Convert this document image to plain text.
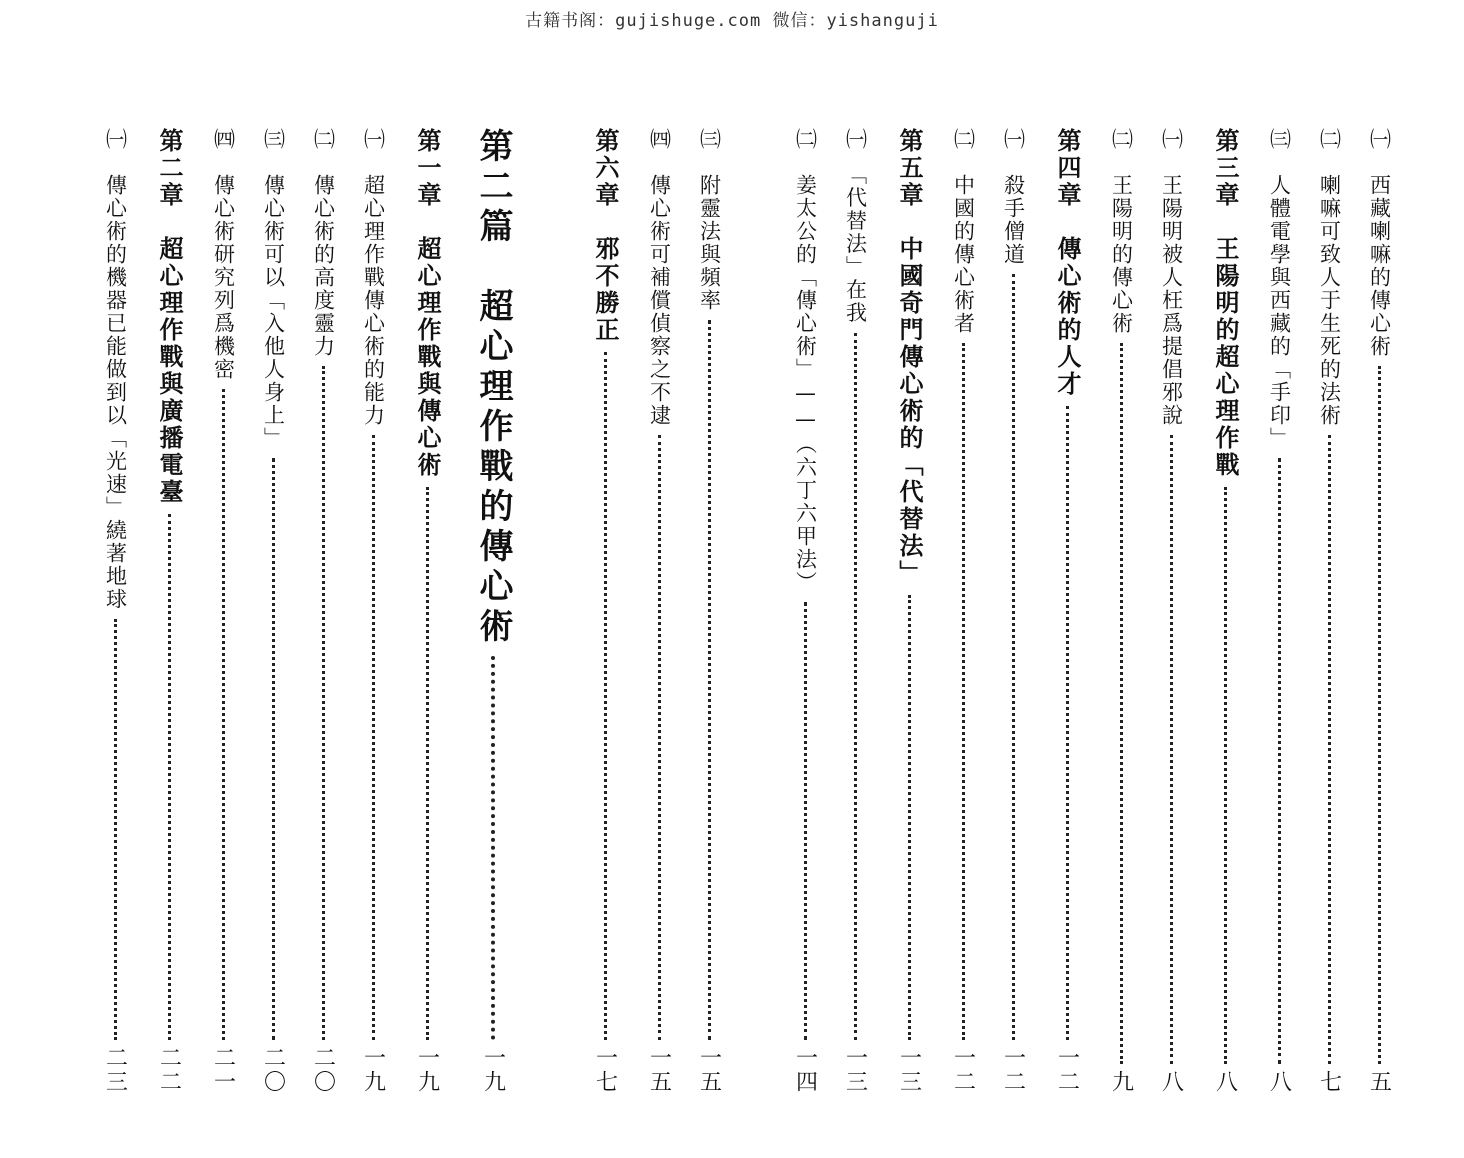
古籍书阁：gujishuge.com 微信：yishanguji
㈠　西藏喇嘛的傳心術
五
㈡　喇嘛可致人于生死的法術
七
㈢　人體電學與西藏的「手印」
八
第三章　王陽明的超心理作戰
八
㈠　王陽明被人枉爲提倡邪說
八
㈡　王陽明的傳心術
九
第四章　傳心術的人才
一二
㈠　殺手僧道
一二
㈡　中國的傳心術者
一二
第五章　中國奇門傳心術的「代替法」
一三
㈠　「代替法」在我
一三
㈡　姜太公的「傳心術」——（六丁六甲法）
一四
㈢　附靈法與頻率
一五
㈣　傳心術可補償偵察之不逮
一五
第六章　邪不勝正
一七
第二篇　超心理作戰的傳心術
一九
第一章　超心理作戰與傳心術
一九
㈠　超心理作戰傳心術的能力
一九
㈡　傳心術的高度靈力
二〇
㈢　傳心術可以「入他人身上」
二〇
㈣　傳心術研究列爲機密
二一
第二章　超心理作戰與廣播電臺
二二
㈠　傳心術的機器已能做到以「光速」繞著地球
二三
